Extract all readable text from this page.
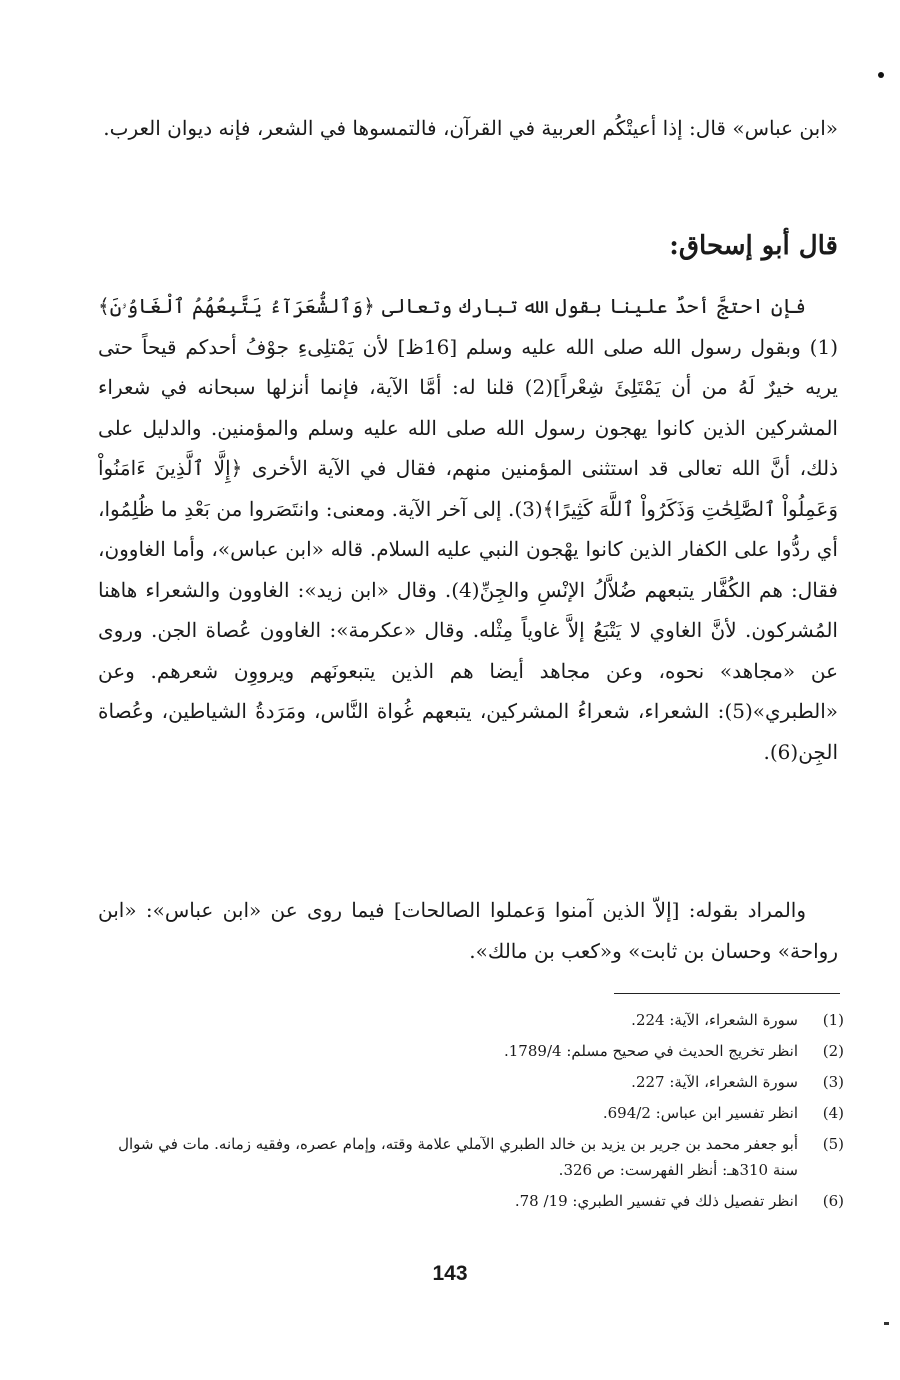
«ابن عباس» قال: إذا أعيتْكُم العربية في القرآن، فالتمسوها في الشعر، فإنه ديوان العرب.

قال أبو إسحاق:

فإن احتجَّ أحدٌ علينا بقول الله تبارك وتعالى ﴿وَٱلشُّعَرَآءُ يَتَّبِعُهُمُ ٱلْغَاوُۥنَ﴾(1) وبقول رسول الله صلى الله عليه وسلم [16ظ] لأن يَمْتلِىءِ جوْفُ أحدكم قيحاً حتى يريه خيرٌ لَهُ من أن يَمْتَلِئَ شِعْراً](2) قلنا له: أمَّا الآية، فإنما أنزلها سبحانه في شعراء المشركين الذين كانوا يهجون رسول الله صلى الله عليه وسلم والمؤمنين. والدليل على ذلك، أنَّ الله تعالى قد استثنى المؤمنين منهم، فقال في الآية الأخرى ﴿إِلَّا ٱلَّذِينَ ءَامَنُواْ وَعَمِلُواْ ٱلصَّٰلِحَٰتِ وَذَكَرُواْ ٱللَّهَ كَثِيرًا﴾(3). إلى آخر الآية. ومعنى: وانتَصَروا من بَعْدِ ما ظُلِمُوا، أي ردُّوا على الكفار الذين كانوا يهْجون النبي عليه السلام. قاله «ابن عباس»، وأما الغاوون، فقال: هم الكُفَّار يتبعهم ضُلاَّلُ الإنْسِ والجِنِّ(4). وقال «ابن زيد»: الغاوون والشعراء هاهنا المُشركون. لأنَّ الغاوي لا يَتْبَعُ إلاَّ غاوياً مِثْله. وقال «عكرمة»: الغاوون عُصاة الجن. وروى عن «مجاهد» نحوه، وعن مجاهد أيضا هم الذين يتبعونَهم ويرووِن شعرهم. وعن «الطبري»(5): الشعراء، شعراءُ المشركين، يتبعهم غُواة النَّاس، ومَرَدةُ الشياطين، وعُصاة الجِن(6).

والمراد بقوله: [إلاّ الذين آمنوا وَعملوا الصالحات] فيما روى عن «ابن عباس»: «ابن رواحة» وحسان بن ثابت» و«كعب بن مالك».

(1)
سورة الشعراء، الآية: 224.
(2)
انظر تخريج الحديث في صحيح مسلم: 1789/4.
(3)
سورة الشعراء، الآية: 227.
(4)
انظر تفسير ابن عباس: 694/2.
(5)
أبو جعفر محمد بن جرير بن يزيد بن خالد الطبري الآملي علامة وقته، وإمام عصره، وفقيه زمانه. مات في شوال سنة 310هـ: أنظر الفهرست: ص 326.
(6)
انظر تفصيل ذلك في تفسير الطبري: 19/ 78.
143
